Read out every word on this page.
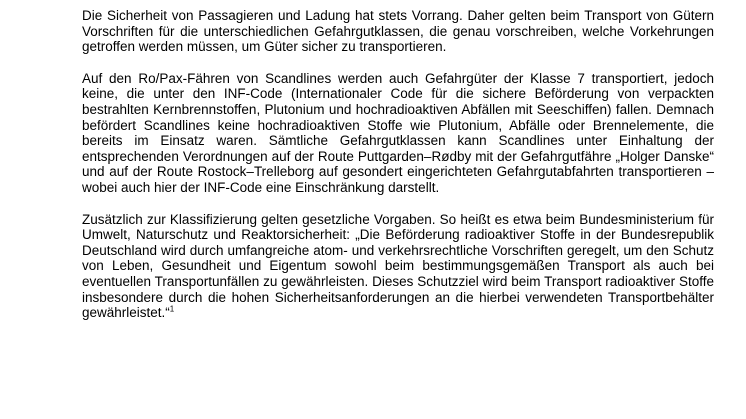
Die Sicherheit von Passagieren und Ladung hat stets Vorrang. Daher gelten beim Transport von Gütern Vorschriften für die unterschiedlichen Gefahrgutklassen, die genau vorschreiben, welche Vorkehrungen getroffen werden müssen, um Güter sicher zu transportieren.

Auf den Ro/Pax-Fähren von Scandlines werden auch Gefahrgüter der Klasse 7 transportiert, jedoch keine, die unter den INF-Code (Internationaler Code für die sichere Beförderung von verpackten bestrahlten Kernbrennstoffen, Plutonium und hochradioaktiven Abfällen mit Seeschiffen) fallen. Demnach befördert Scandlines keine hochradioaktiven Stoffe wie Plutonium, Abfälle oder Brennelemente, die bereits im Einsatz waren. Sämtliche Gefahrgutklassen kann Scandlines unter Einhaltung der entsprechenden Verordnungen auf der Route Puttgarden–Rødby mit der Gefahrgutfähre „Holger Danske“ und auf der Route Rostock–Trelleborg auf gesondert eingerichteten Gefahrgutabfahrten transportieren – wobei auch hier der INF-Code eine Einschränkung darstellt.

Zusätzlich zur Klassifizierung gelten gesetzliche Vorgaben. So heißt es etwa beim Bundesministerium für Umwelt, Naturschutz und Reaktorsicherheit: „Die Beförderung radioaktiver Stoffe in der Bundesrepublik Deutschland wird durch umfangreiche atom- und verkehrsrechtliche Vorschriften geregelt, um den Schutz von Leben, Gesundheit und Eigentum sowohl beim bestimmungsgemäßen Transport als auch bei eventuellen Transportunfällen zu gewährleisten. Dieses Schutzziel wird beim Transport radioaktiver Stoffe insbesondere durch die hohen Sicherheitsanforderungen an die hierbei verwendeten Transportbehälter gewährleistet.“$^1$
